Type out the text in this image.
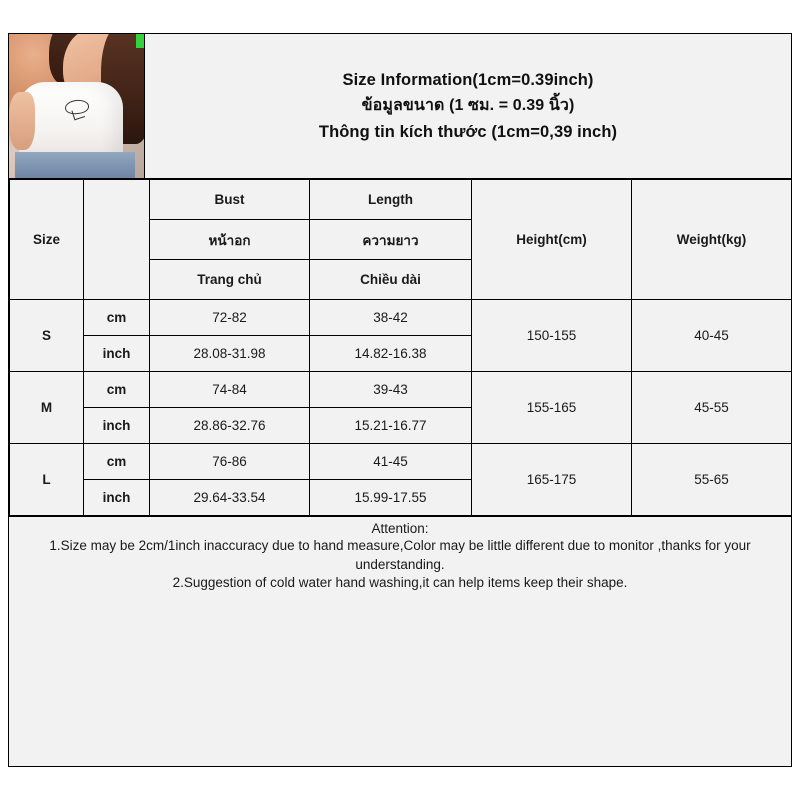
Size Information(1cm=0.39inch)
ข้อมูลขนาด (1 ซม. = 0.39 นิ้ว)
Thông tin kích thước (1cm=0,39 inch)
Size		Bust	Length	Height(cm)	Weight(kg)
		หน้าอก	ความยาว		
		Trang chủ	Chiều dài		
S	cm	72-82	38-42	150-155	40-45
	inch	28.08-31.98	14.82-16.38		
M	cm	74-84	39-43	155-165	45-55
	inch	28.86-32.76	15.21-16.77		
L	cm	76-86	41-45	165-175	55-65
	inch	29.64-33.54	15.99-17.55		
Attention:
1.Size may be 2cm/1inch inaccuracy due to hand measure,Color may be little different due to monitor ,thanks for your
understanding.
2.Suggestion of cold water hand washing,it can help items keep their shape.
